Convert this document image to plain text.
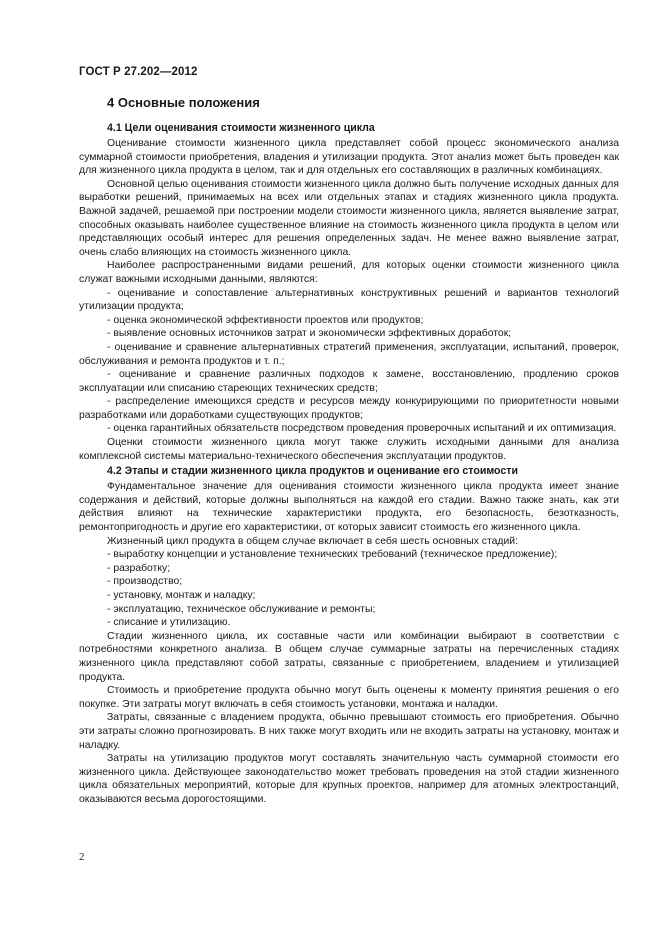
ГОСТ Р 27.202—2012
4 Основные положения
4.1 Цели оценивания стоимости жизненного цикла

Оценивание стоимости жизненного цикла представляет собой процесс экономического анализа суммарной стоимости приобретения, владения и утилизации продукта. Этот анализ может быть проведен как для жизненного цикла продукта в целом, так и для отдельных его составляющих в различных комбинациях.

Основной целью оценивания стоимости жизненного цикла должно быть получение исходных данных для выработки решений, принимаемых на всех или отдельных этапах и стадиях жизненного цикла продукта. Важной задачей, решаемой при построении модели стоимости жизненного цикла, является выявление затрат, способных оказывать наиболее существенное влияние на стоимость жизненного цикла продукта в целом или представляющих особый интерес для решения определенных задач. Не менее важно выявление затрат, очень слабо влияющих на стоимость жизненного цикла.

Наиболее распространенными видами решений, для которых оценки стоимости жизненного цикла служат важными исходными данными, являются:

- оценивание и сопоставление альтернативных конструктивных решений и вариантов технологий утилизации продукта;
- оценка экономической эффективности проектов или продуктов;
- выявление основных источников затрат и экономически эффективных доработок;
- оценивание и сравнение альтернативных стратегий применения, эксплуатации, испытаний, проверок, обслуживания и ремонта продуктов и т. п.;
- оценивание и сравнение различных подходов к замене, восстановлению, продлению сроков эксплуатации или списанию стареющих технических средств;
- распределение имеющихся средств и ресурсов между конкурирующими по приоритетности новыми разработками или доработками существующих продуктов;
- оценка гарантийных обязательств посредством проведения проверочных испытаний и их оптимизация.

Оценки стоимости жизненного цикла могут также служить исходными данными для анализа комплексной системы материально-технического обеспечения эксплуатации продуктов.

4.2 Этапы и стадии жизненного цикла продуктов и оценивание его стоимости

Фундаментальное значение для оценивания стоимости жизненного цикла продукта имеет знание содержания и действий, которые должны выполняться на каждой его стадии. Важно также знать, как эти действия влияют на технические характеристики продукта, его безопасность, безотказность, ремонтопригодность и другие его характеристики, от которых зависит стоимость его жизненного цикла.

Жизненный цикл продукта в общем случае включает в себя шесть основных стадий:

- выработку концепции и установление технических требований (техническое предложение);
- разработку;
- производство;
- установку, монтаж и наладку;
- эксплуатацию, техническое обслуживание и ремонты;
- списание и утилизацию.

Стадии жизненного цикла, их составные части или комбинации выбирают в соответствии с потребностями конкретного анализа. В общем случае суммарные затраты на перечисленных стадиях жизненного цикла представляют собой затраты, связанные с приобретением, владением и утилизацией продукта.

Стоимость и приобретение продукта обычно могут быть оценены к моменту принятия решения о его покупке. Эти затраты могут включать в себя стоимость установки, монтажа и наладки.

Затраты, связанные с владением продукта, обычно превышают стоимость его приобретения. Обычно эти затраты сложно прогнозировать. В них также могут входить или не входить затраты на установку, монтаж и наладку.

Затраты на утилизацию продуктов могут составлять значительную часть суммарной стоимости его жизненного цикла. Действующее законодательство может требовать проведения на этой стадии жизненного цикла обязательных мероприятий, которые для крупных проектов, например для атомных электростанций, оказываются весьма дорогостоящими.

2
